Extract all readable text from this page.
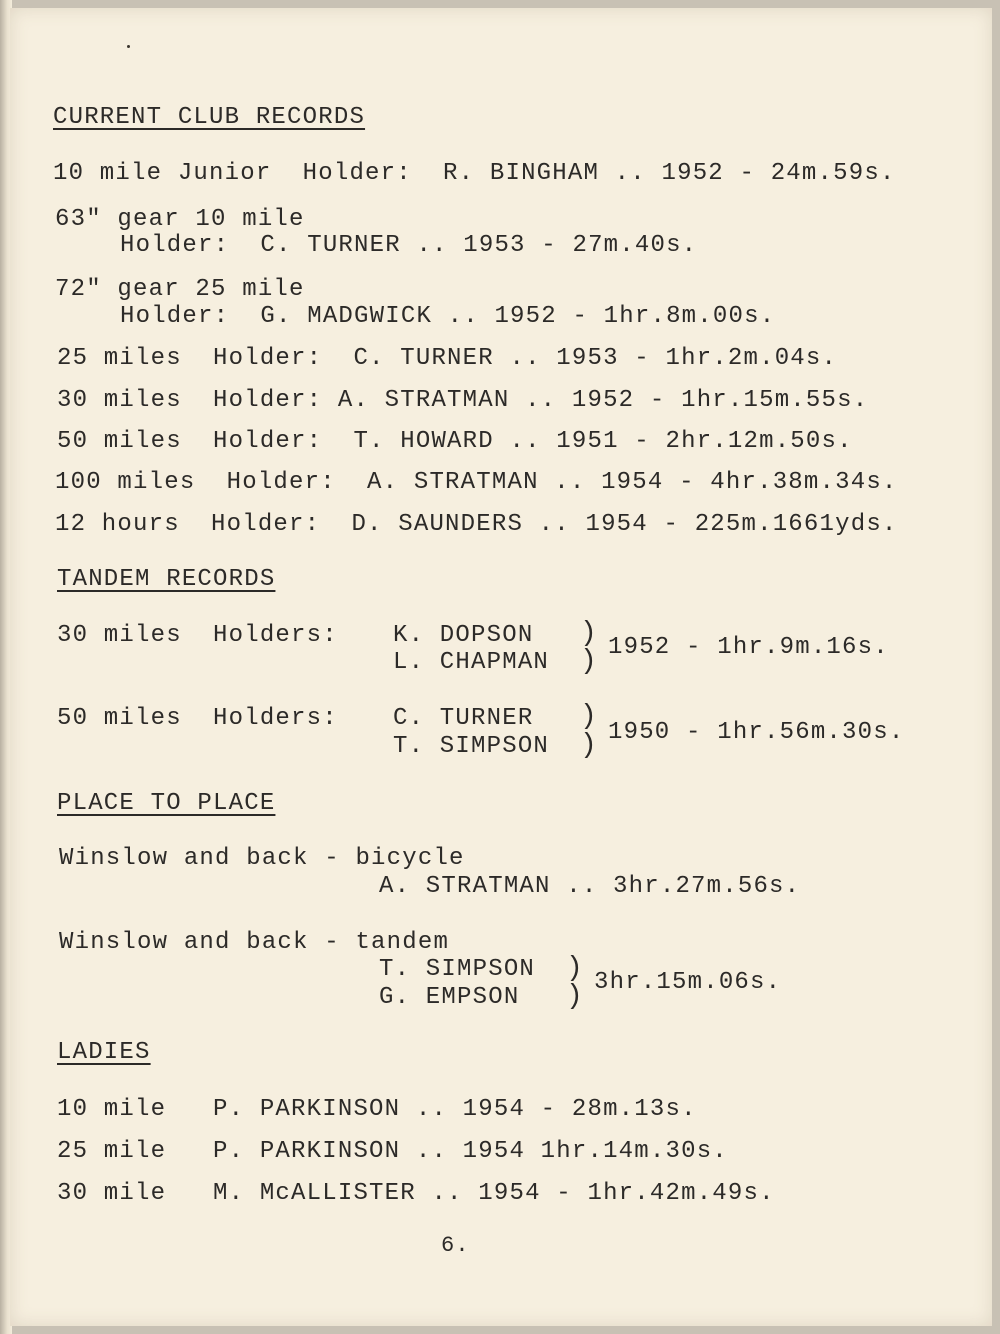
CURRENT CLUB RECORDS
10 mile Junior  Holder:  R. BINGHAM .. 1952 - 24m.59s.
63" gear 10 mile
Holder:  C. TURNER .. 1953 - 27m.40s.
72" gear 25 mile
Holder:  G. MADGWICK .. 1952 - 1hr.8m.00s.
25 miles  Holder:  C. TURNER .. 1953 - 1hr.2m.04s.
30 miles  Holder: A. STRATMAN .. 1952 - 1hr.15m.55s.
50 miles  Holder:  T. HOWARD .. 1951 - 2hr.12m.50s.
100 miles  Holder:  A. STRATMAN .. 1954 - 4hr.38m.34s.
12 hours  Holder:  D. SAUNDERS .. 1954 - 225m.1661yds.
TANDEM RECORDS
30 miles  Holders: K. DOPSON
L. CHAPMAN
)
) 1952 - 1hr.9m.16s.
50 miles  Holders: C. TURNER
T. SIMPSON
)
) 1950 - 1hr.56m.30s.
PLACE TO PLACE
Winslow and back - bicycle
A. STRATMAN .. 3hr.27m.56s.
Winslow and back - tandem
T. SIMPSON
G. EMPSON
)
) 3hr.15m.06s.
LADIES
10 mile   P. PARKINSON .. 1954 - 28m.13s.
25 mile   P. PARKINSON .. 1954 1hr.14m.30s.
30 mile   M. McALLISTER .. 1954 - 1hr.42m.49s.
6.
